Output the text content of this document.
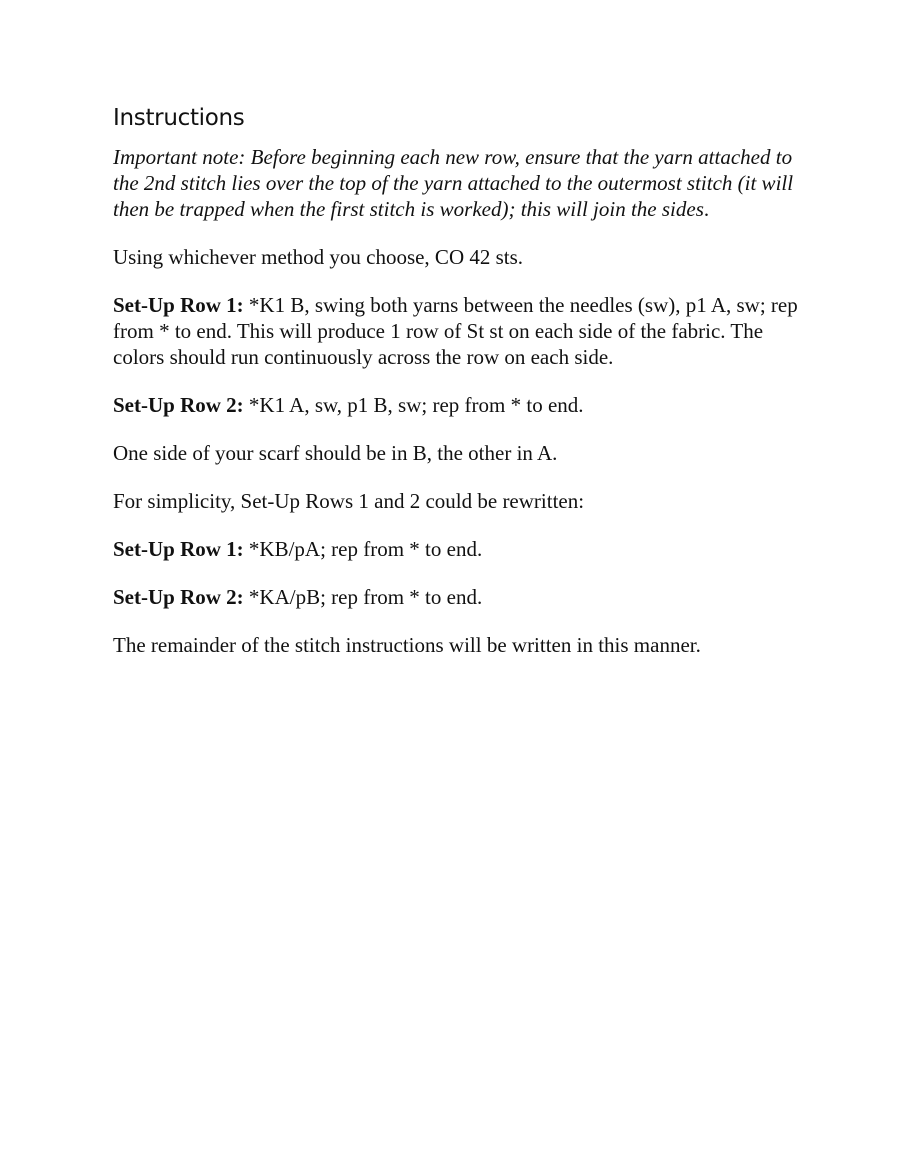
Instructions

Important note: Before beginning each new row, ensure that the yarn attached to the 2nd stitch lies over the top of the yarn attached to the outermost stitch (it will then be trapped when the first stitch is worked); this will join the sides.

Using whichever method you choose, CO 42 sts.

Set-Up Row 1: *K1 B, swing both yarns between the needles (sw), p1 A, sw; rep from * to end. This will produce 1 row of St st on each side of the fabric. The colors should run continuously across the row on each side.

Set-Up Row 2: *K1 A, sw, p1 B, sw; rep from * to end.

One side of your scarf should be in B, the other in A.

For simplicity, Set-Up Rows 1 and 2 could be rewritten:

Set-Up Row 1: *KB/pA; rep from * to end.

Set-Up Row 2: *KA/pB; rep from * to end.

The remainder of the stitch instructions will be written in this manner.
